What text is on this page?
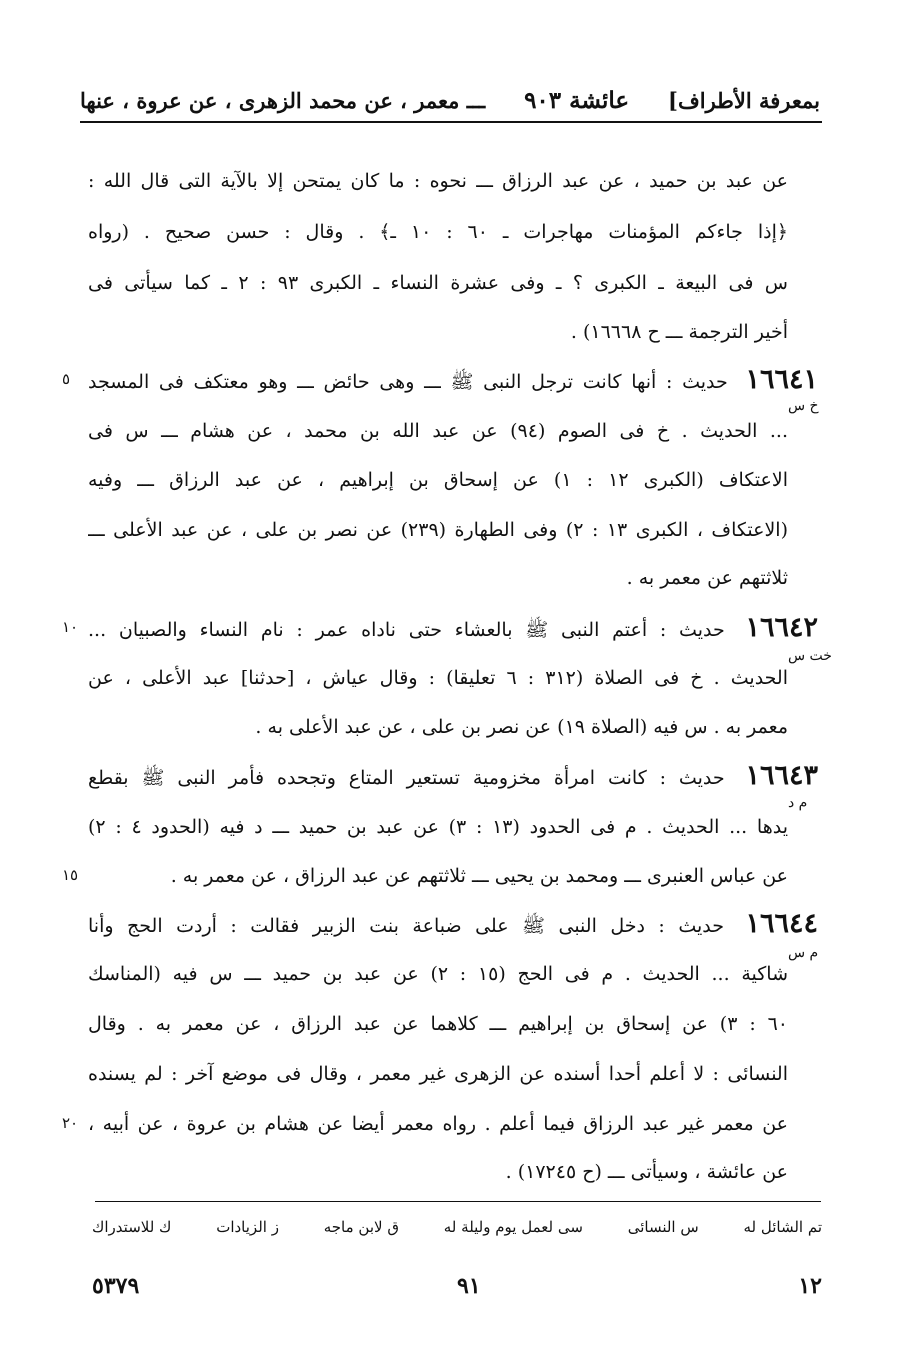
بمعرفة الأطراف]
عائشة ٩٠٣
ـــ معمر ، عن محمد الزهرى ، عن عروة ، عنها
عن عبد بن حميد ، عن عبد الرزاق ـــ نحوه : ما كان يمتحن إلا بالآية التى قال الله :
﴿إذا جاءكم المؤمنات مهاجرات ـ ٦٠ : ١٠ ـ﴾ . وقال : حسن صحيح . (رواه
س فى البيعة ـ الكبرى ؟ ـ وفى عشرة النساء ـ الكبرى ٩٣ : ٢ ـ كما سيأتى فى
أخير الترجمة ـــ ح ١٦٦٦٨) .
١٦٦٤١ حديث : أنها كانت ترجل النبى ﷺ ـــ وهى حائض ـــ وهو معتكف فى المسجد
خ س
٥
... الحديث . خ فى الصوم (٩٤) عن عبد الله بن محمد ، عن هشام ـــ س فى
الاعتكاف (الكبرى ١٢ : ١) عن إسحاق بن إبراهيم ، عن عبد الرزاق ـــ وفيه
(الاعتكاف ، الكبرى ١٣ : ٢) وفى الطهارة (٢٣٩) عن نصر بن على ، عن عبد الأعلى ـــ
ثلاثتهم عن معمر به .
١٦٦٤٢ حديث : أعتم النبى ﷺ بالعشاء حتى ناداه عمر : نام النساء والصبيان ...
خت س
١٠
الحديث . خ فى الصلاة (٣١٢ : ٦ تعليقا) : وقال عياش ، [حدثنا] عبد الأعلى ، عن
معمر به . س فيه (الصلاة ١٩) عن نصر بن على ، عن عبد الأعلى به .
١٦٦٤٣ حديث : كانت امرأة مخزومية تستعير المتاع وتجحده فأمر النبى ﷺ بقطع
م د
يدها ... الحديث . م فى الحدود (١٣ : ٣) عن عبد بن حميد ـــ د فيه (الحدود ٤ : ٢)
عن عباس العنبرى ـــ ومحمد بن يحيى ـــ ثلاثتهم عن عبد الرزاق ، عن معمر به .
١٥
١٦٦٤٤ حديث : دخل النبى ﷺ على ضباعة بنت الزبير فقالت : أردت الحج وأنا
م س
شاكية ... الحديث . م فى الحج (١٥ : ٢) عن عبد بن حميد ـــ س فيه (المناسك
٦٠ : ٣) عن إسحاق بن إبراهيم ـــ كلاهما عن عبد الرزاق ، عن معمر به . وقال
النسائى : لا أعلم أحدا أسنده عن الزهرى غير معمر ، وقال فى موضع آخر : لم يسنده
عن معمر غير عبد الرزاق فيما أعلم . رواه معمر أيضا عن هشام بن عروة ، عن أبيه ،
٢٠
عن عائشة ، وسيأتى ـــ (ح ١٧٢٤٥) .
تم الشائل له
س النسائى
سى لعمل يوم وليلة له
ق لابن ماجه
ز الزيادات
ك للاستدراك
١٢
٩١
٥٣٧٩
